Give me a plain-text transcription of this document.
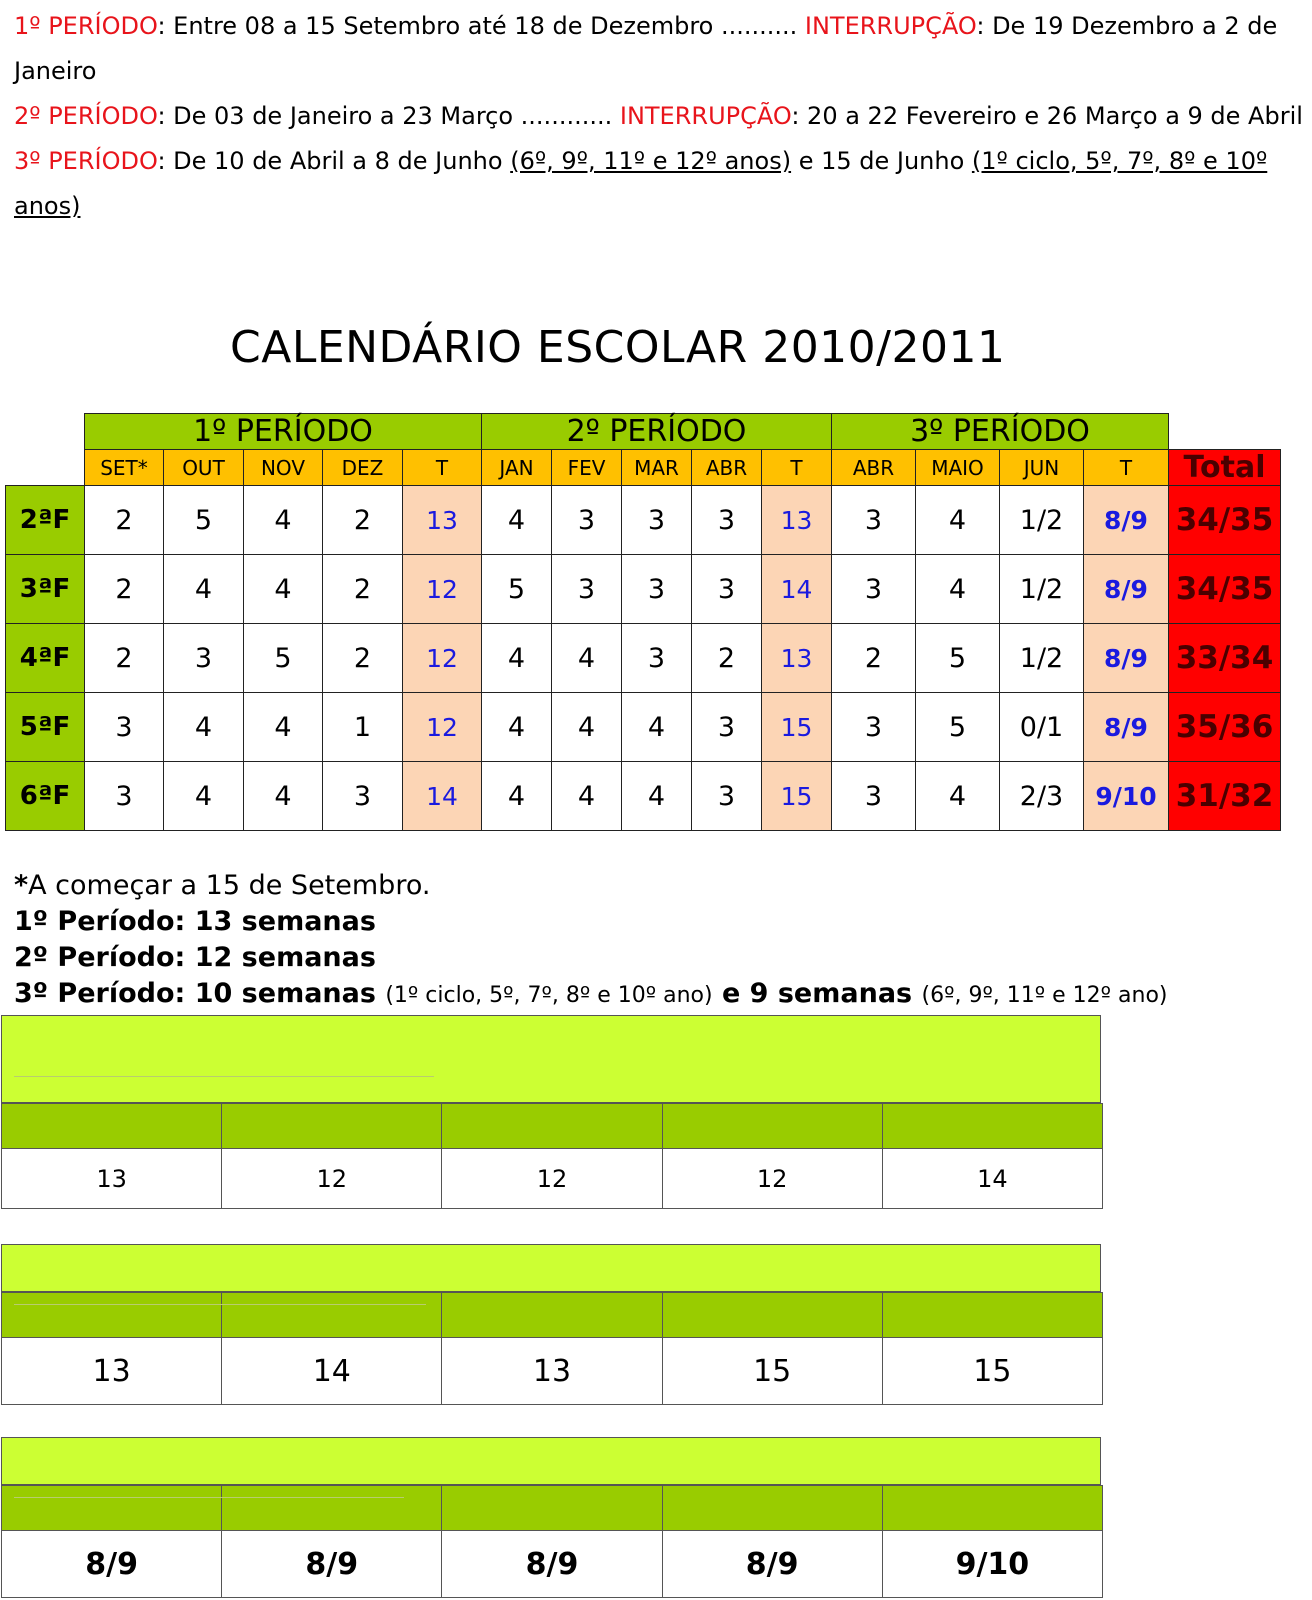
1º PERÍODO: Entre 08 a 15 Setembro até 18 de Dezembro .......... INTERRUPÇÃO: De 19 Dezembro a 2 de Janeiro

2º PERÍODO: De 03 de Janeiro a 23 Março ............ INTERRUPÇÃO: 20 a 22 Fevereiro e 26 Março a 9 de Abril

3º PERÍODO: De 10 de Abril a 8 de Junho (6º, 9º, 11º e 12º anos) e 15 de Junho (1º ciclo, 5º, 7º, 8º e 10º anos)

CALENDÁRIO ESCOLAR 2010/2011
	1º PERÍODO					2º PERÍODO					3º PERÍODO				
	SET*	OUT	NOV	DEZ	T	JAN	FEV	MAR	ABR	T	ABR	MAIO	JUN	T	Total
2ªF	2	5	4	2	13	4	3	3	3	13	3	4	1/2	8/9	34/35
3ªF	2	4	4	2	12	5	3	3	3	14	3	4	1/2	8/9	34/35
4ªF	2	3	5	2	12	4	4	3	2	13	2	5	1/2	8/9	33/34
5ªF	3	4	4	1	12	4	4	4	3	15	3	5	0/1	8/9	35/36
6ªF	3	4	4	3	14	4	4	4	3	15	3	4	2/3	9/10	31/32

*A começar a 15 de Setembro.

1º Período: 13 semanas

2º Período: 12 semanas

3º Período: 10 semanas (1º ciclo, 5º, 7º, 8º e 10º ano) e 9 semanas (6º, 9º, 11º e 12º ano)

13	12	12	12	14

13	14	13	15	15

8/9	8/9	8/9	8/9	9/10
